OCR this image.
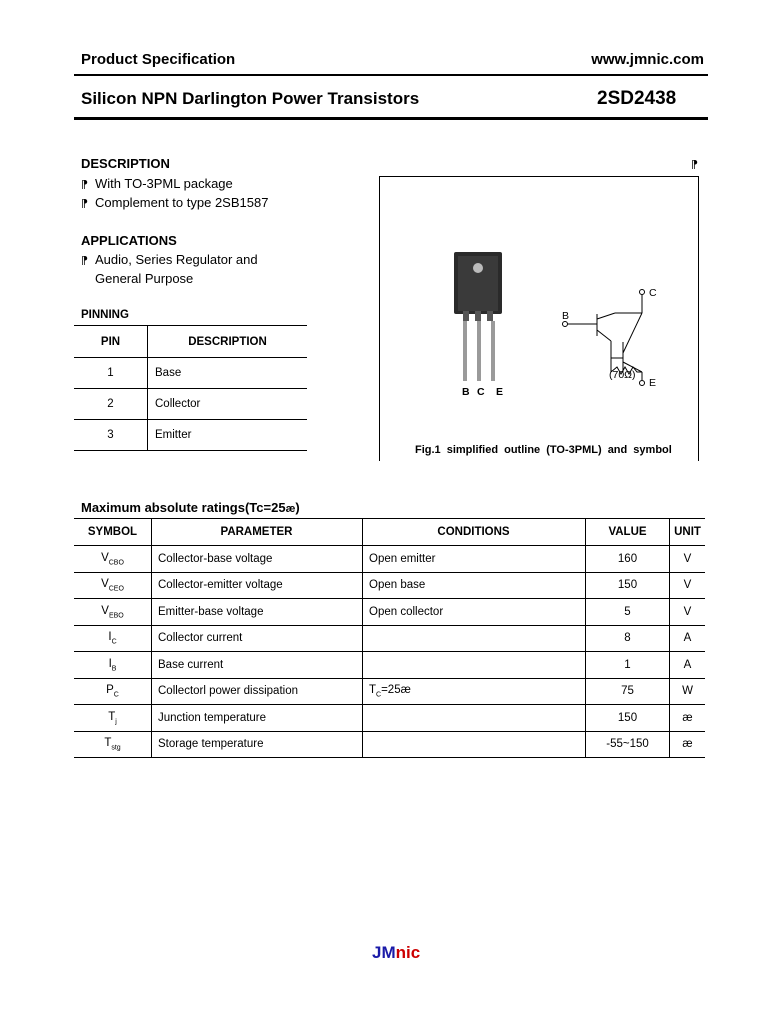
Product Specification	www.jmnic.com
Silicon NPN Darlington Power Transistors	2SD2438
DESCRIPTION
⁋ With TO-3PML package
⁋ Complement to type 2SB1587
APPLICATIONS
⁋ Audio, Series Regulator and
General Purpose
PINNING
PIN	DESCRIPTION
1	Base
2	Collector
3	Emitter
⁋
B C E
C
B
E
(70Ω)
Fig.1 simplified outline (TO-3PML) and symbol
Maximum absolute ratings(Tc=25æ)
SYMBOL	PARAMETER	CONDITIONS	VALUE	UNIT
$V_{CBO}$	Collector-base voltage	Open emitter	160	V
$V_{CEO}$	Collector-emitter voltage	Open base	150	V
$V_{EBO}$	Emitter-base voltage	Open collector	5	V
$I_C$	Collector current		8	A
$I_B$	Base current		1	A
$P_C$	Collectorl power dissipation	$T_C=25æ$	75	W
$T_j$	Junction temperature		150	æ
$T_{stg}$	Storage temperature		-55~150	æ
JMnic
